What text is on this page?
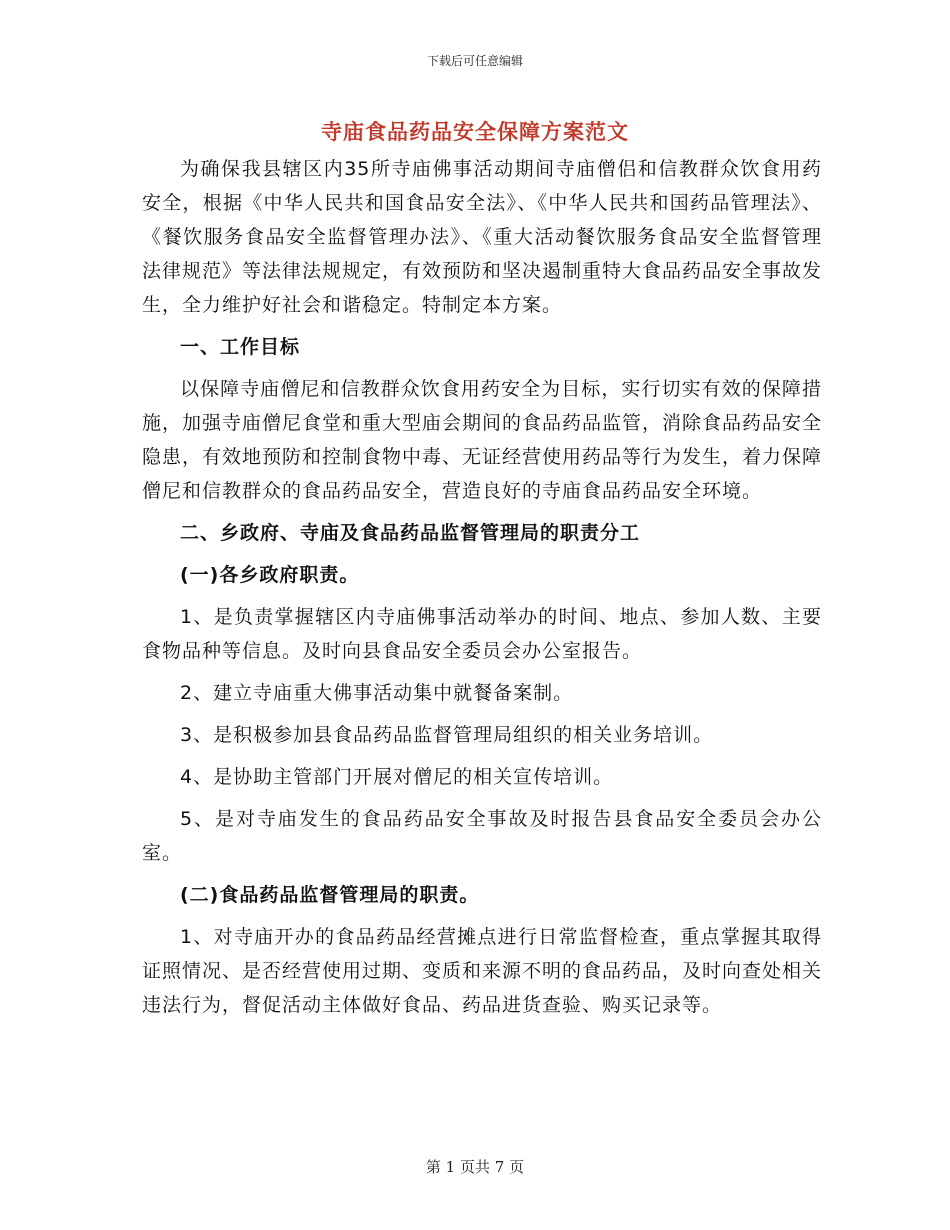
下载后可任意编辑
寺庙食品药品安全保障方案范文

为确保我县辖区内35所寺庙佛事活动期间寺庙僧侣和信教群众饮食用药安全，根据《中华人民共和国食品安全法》、《中华人民共和国药品管理法》、《餐饮服务食品安全监督管理办法》、《重大活动餐饮服务食品安全监督管理法律规范》等法律法规规定，有效预防和坚决遏制重特大食品药品安全事故发生，全力维护好社会和谐稳定。特制定本方案。

一、工作目标

以保障寺庙僧尼和信教群众饮食用药安全为目标，实行切实有效的保障措施，加强寺庙僧尼食堂和重大型庙会期间的食品药品监管，消除食品药品安全隐患，有效地预防和控制食物中毒、无证经营使用药品等行为发生，着力保障僧尼和信教群众的食品药品安全，营造良好的寺庙食品药品安全环境。

二、乡政府、寺庙及食品药品监督管理局的职责分工

(一)各乡政府职责。

1、是负责掌握辖区内寺庙佛事活动举办的时间、地点、参加人数、主要食物品种等信息。及时向县食品安全委员会办公室报告。

2、建立寺庙重大佛事活动集中就餐备案制。

3、是积极参加县食品药品监督管理局组织的相关业务培训。

4、是协助主管部门开展对僧尼的相关宣传培训。

5、是对寺庙发生的食品药品安全事故及时报告县食品安全委员会办公室。

(二)食品药品监督管理局的职责。

1、对寺庙开办的食品药品经营摊点进行日常监督检查，重点掌握其取得证照情况、是否经营使用过期、变质和来源不明的食品药品，及时向查处相关违法行为，督促活动主体做好食品、药品进货查验、购买记录等。

第 1 页共 7 页
